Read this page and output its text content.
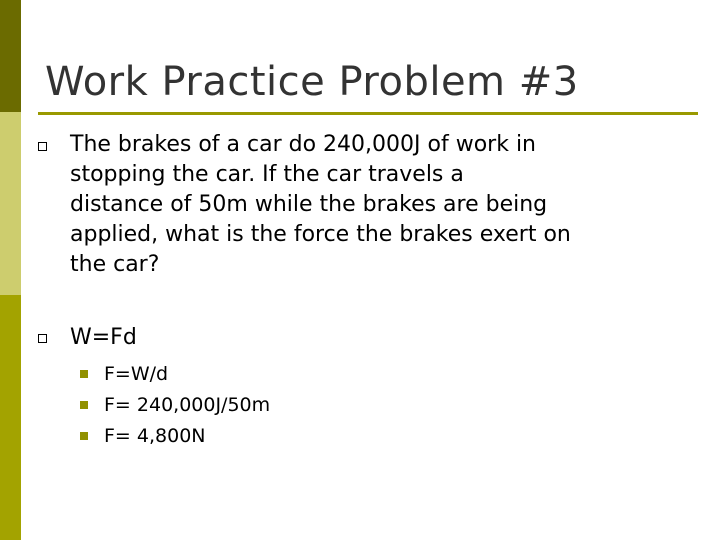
Work Practice Problem #3
The brakes of a car do 240,000J of work in
stopping the car. If the car travels a
distance of 50m while the brakes are being
applied, what is the force the brakes exert on
the car?
W=Fd
F=W/d
F= 240,000J/50m
F= 4,800N
